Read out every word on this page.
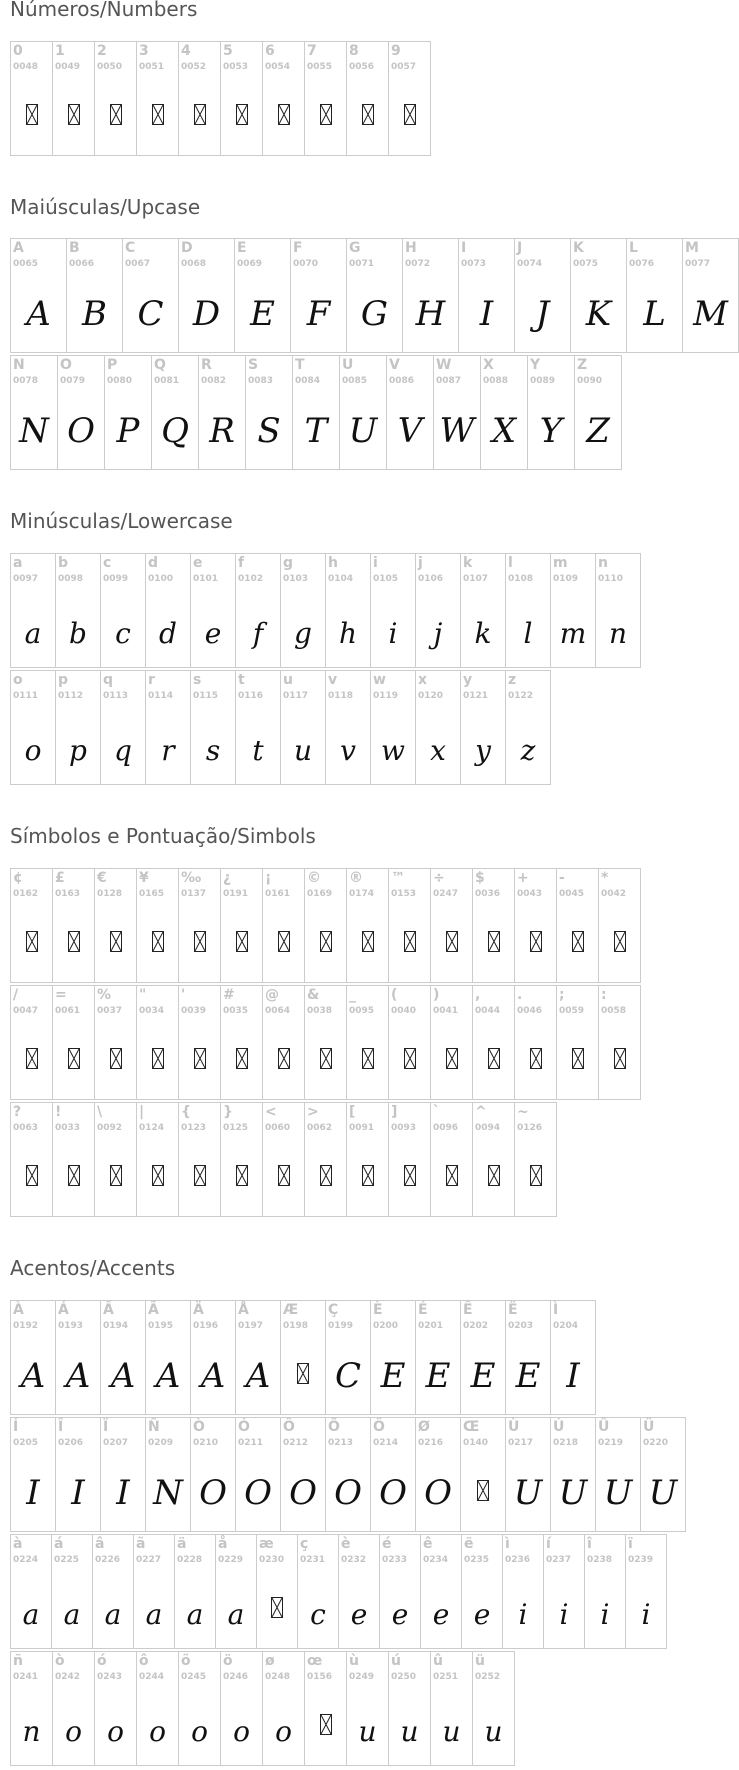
Números/Numbers
0
0048
1
0049
2
0050
3
0051
4
0052
5
0053
6
0054
7
0055
8
0056
9
0057
Maiúsculas/Upcase
A
0065
A
B
0066
B
C
0067
C
D
0068
D
E
0069
E
F
0070
F
G
0071
G
H
0072
H
I
0073
I
J
0074
J
K
0075
K
L
0076
L
M
0077
M
N
0078
N
O
0079
O
P
0080
P
Q
0081
Q
R
0082
R
S
0083
S
T
0084
T
U
0085
U
V
0086
V
W
0087
W
X
0088
X
Y
0089
Y
Z
0090
Z
Minúsculas/Lowercase
a
0097
a
b
0098
b
c
0099
c
d
0100
d
e
0101
e
f
0102
f
g
0103
g
h
0104
h
i
0105
i
j
0106
j
k
0107
k
l
0108
l
m
0109
m
n
0110
n
o
0111
o
p
0112
p
q
0113
q
r
0114
r
s
0115
s
t
0116
t
u
0117
u
v
0118
v
w
0119
w
x
0120
x
y
0121
y
z
0122
z
Símbolos e Pontuação/Simbols
¢
0162
£
0163
€
0128
¥
0165
‰
0137
¿
0191
¡
0161
©
0169
®
0174
™
0153
÷
0247
$
0036
+
0043
-
0045
*
0042
/
0047
=
0061
%
0037
"
0034
'
0039
#
0035
@
0064
&
0038
_
0095
(
0040
)
0041
,
0044
.
0046
;
0059
:
0058
?
0063
!
0033
\
0092
|
0124
{
0123
}
0125
<
0060
>
0062
[
0091
]
0093
`
0096
^
0094
~
0126
Acentos/Accents
À
0192
A
Á
0193
A
Â
0194
A
Ã
0195
A
Ä
0196
A
Å
0197
A
Æ
0198
Ç
0199
C
È
0200
E
É
0201
E
Ê
0202
E
Ë
0203
E
Ì
0204
I
Í
0205
I
Î
0206
I
Ï
0207
I
Ñ
0209
N
Ò
0210
O
Ó
0211
O
Ô
0212
O
Õ
0213
O
Ö
0214
O
Ø
0216
O
Œ
0140
Ù
0217
U
Ú
0218
U
Û
0219
U
Ü
0220
U
à
0224
a
á
0225
a
â
0226
a
ã
0227
a
ä
0228
a
å
0229
a
æ
0230
ç
0231
c
è
0232
e
é
0233
e
ê
0234
e
ë
0235
e
ì
0236
i
í
0237
i
î
0238
i
ï
0239
i
ñ
0241
n
ò
0242
o
ó
0243
o
ô
0244
o
õ
0245
o
ö
0246
o
ø
0248
o
œ
0156
ù
0249
u
ú
0250
u
û
0251
u
ü
0252
u
